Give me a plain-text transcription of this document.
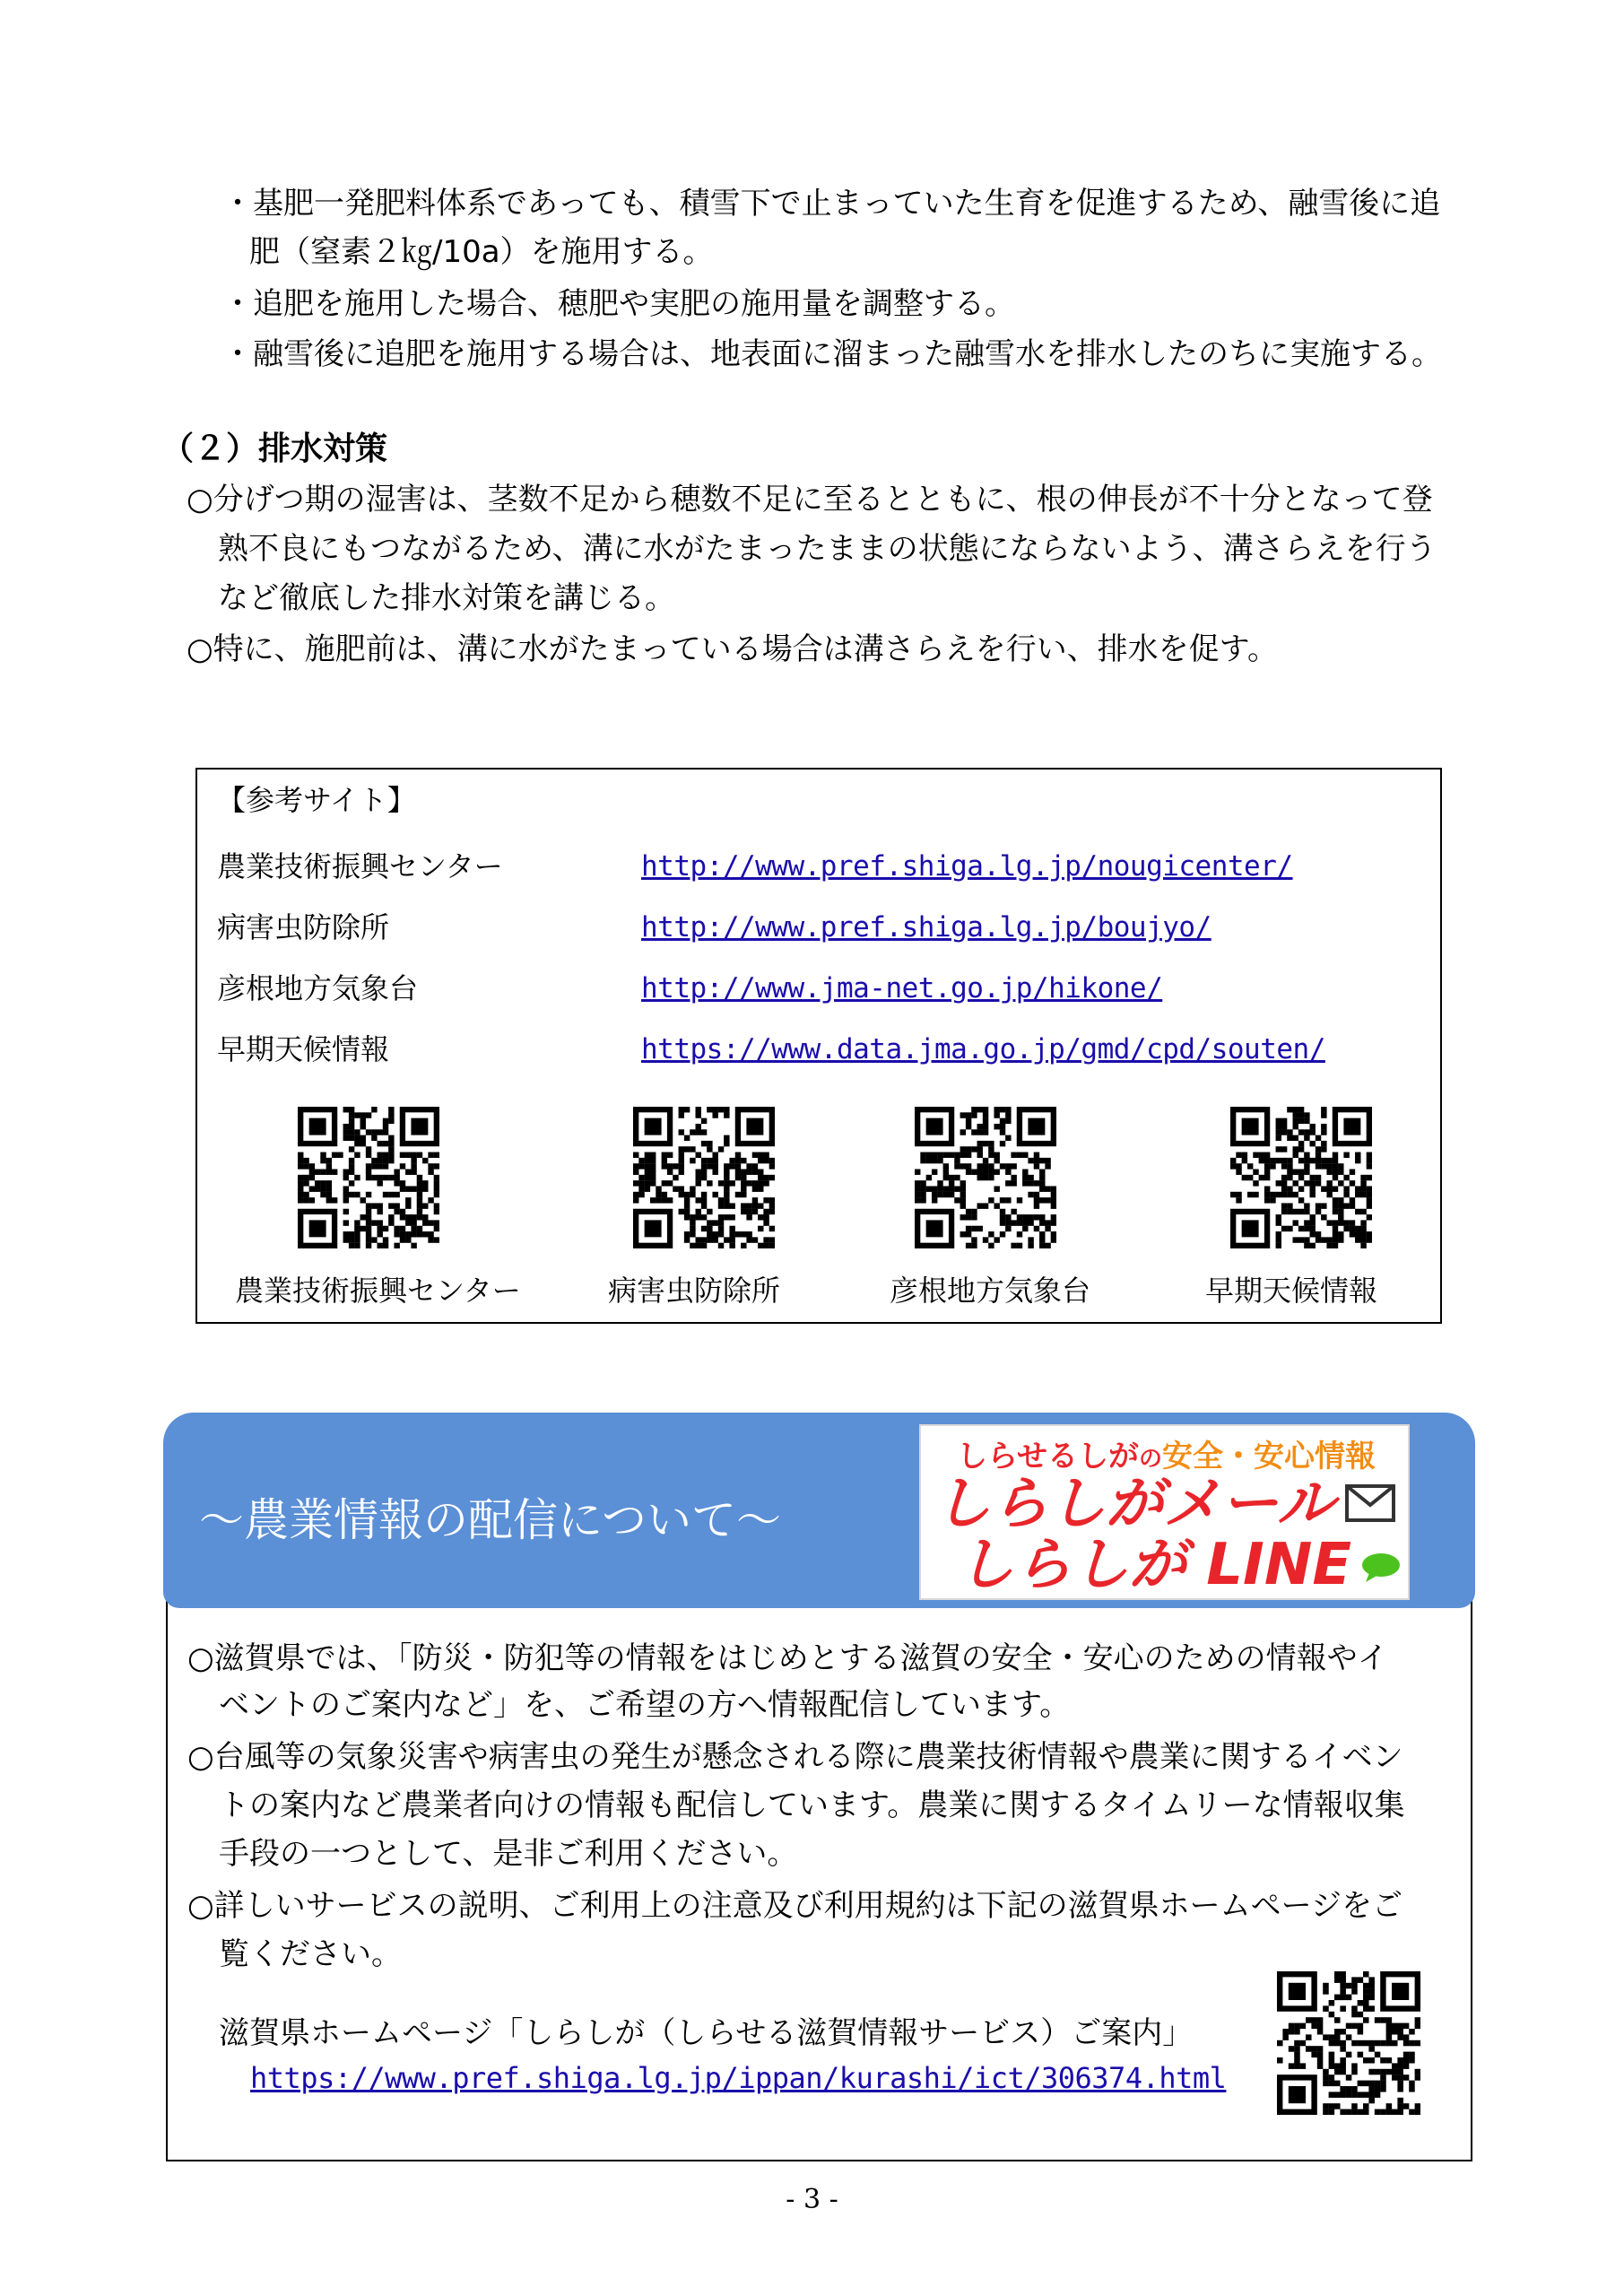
・基肥一発肥料体系であっても、積雪下で止まっていた生育を促進するため、融雪後に追
肥（窒素２㎏/10a）を施用する。
・追肥を施用した場合、穂肥や実肥の施用量を調整する。
・融雪後に追肥を施用する場合は、地表面に溜まった融雪水を排水したのちに実施する。
（２）排水対策
○分げつ期の湿害は、茎数不足から穂数不足に至るとともに、根の伸長が不十分となって登
熟不良にもつながるため、溝に水がたまったままの状態にならないよう、溝さらえを行う
など徹底した排水対策を講じる。
○特に、施肥前は、溝に水がたまっている場合は溝さらえを行い、排水を促す。
【参考サイト】
農業技術振興センター	http://www.pref.shiga.lg.jp/nougicenter/
病害虫防除所	http://www.pref.shiga.lg.jp/boujyo/
彦根地方気象台	http://www.jma-net.go.jp/hikone/
早期天候情報	https://www.data.jma.go.jp/gmd/cpd/souten/
農業技術振興センター	病害虫防除所	彦根地方気象台	早期天候情報
○滋賀県では、「防災・防犯等の情報をはじめとする滋賀の安全・安心のための情報やイ
ベントのご案内など」を、ご希望の方へ情報配信しています。
○台風等の気象災害や病害虫の発生が懸念される際に農業技術情報や農業に関するイベン
トの案内など農業者向けの情報も配信しています。農業に関するタイムリーな情報収集
手段の一つとして、是非ご利用ください。
○詳しいサービスの説明、ご利用上の注意及び利用規約は下記の滋賀県ホームページをご
覧ください。
滋賀県ホームページ「しらしが（しらせる滋賀情報サービス）ご案内」
https://www.pref.shiga.lg.jp/ippan/kurashi/ict/306374.html
～農業情報の配信について～
しらせるしがの安全・安心情報
しらしがメール
しらしが LINE
- 3 -
